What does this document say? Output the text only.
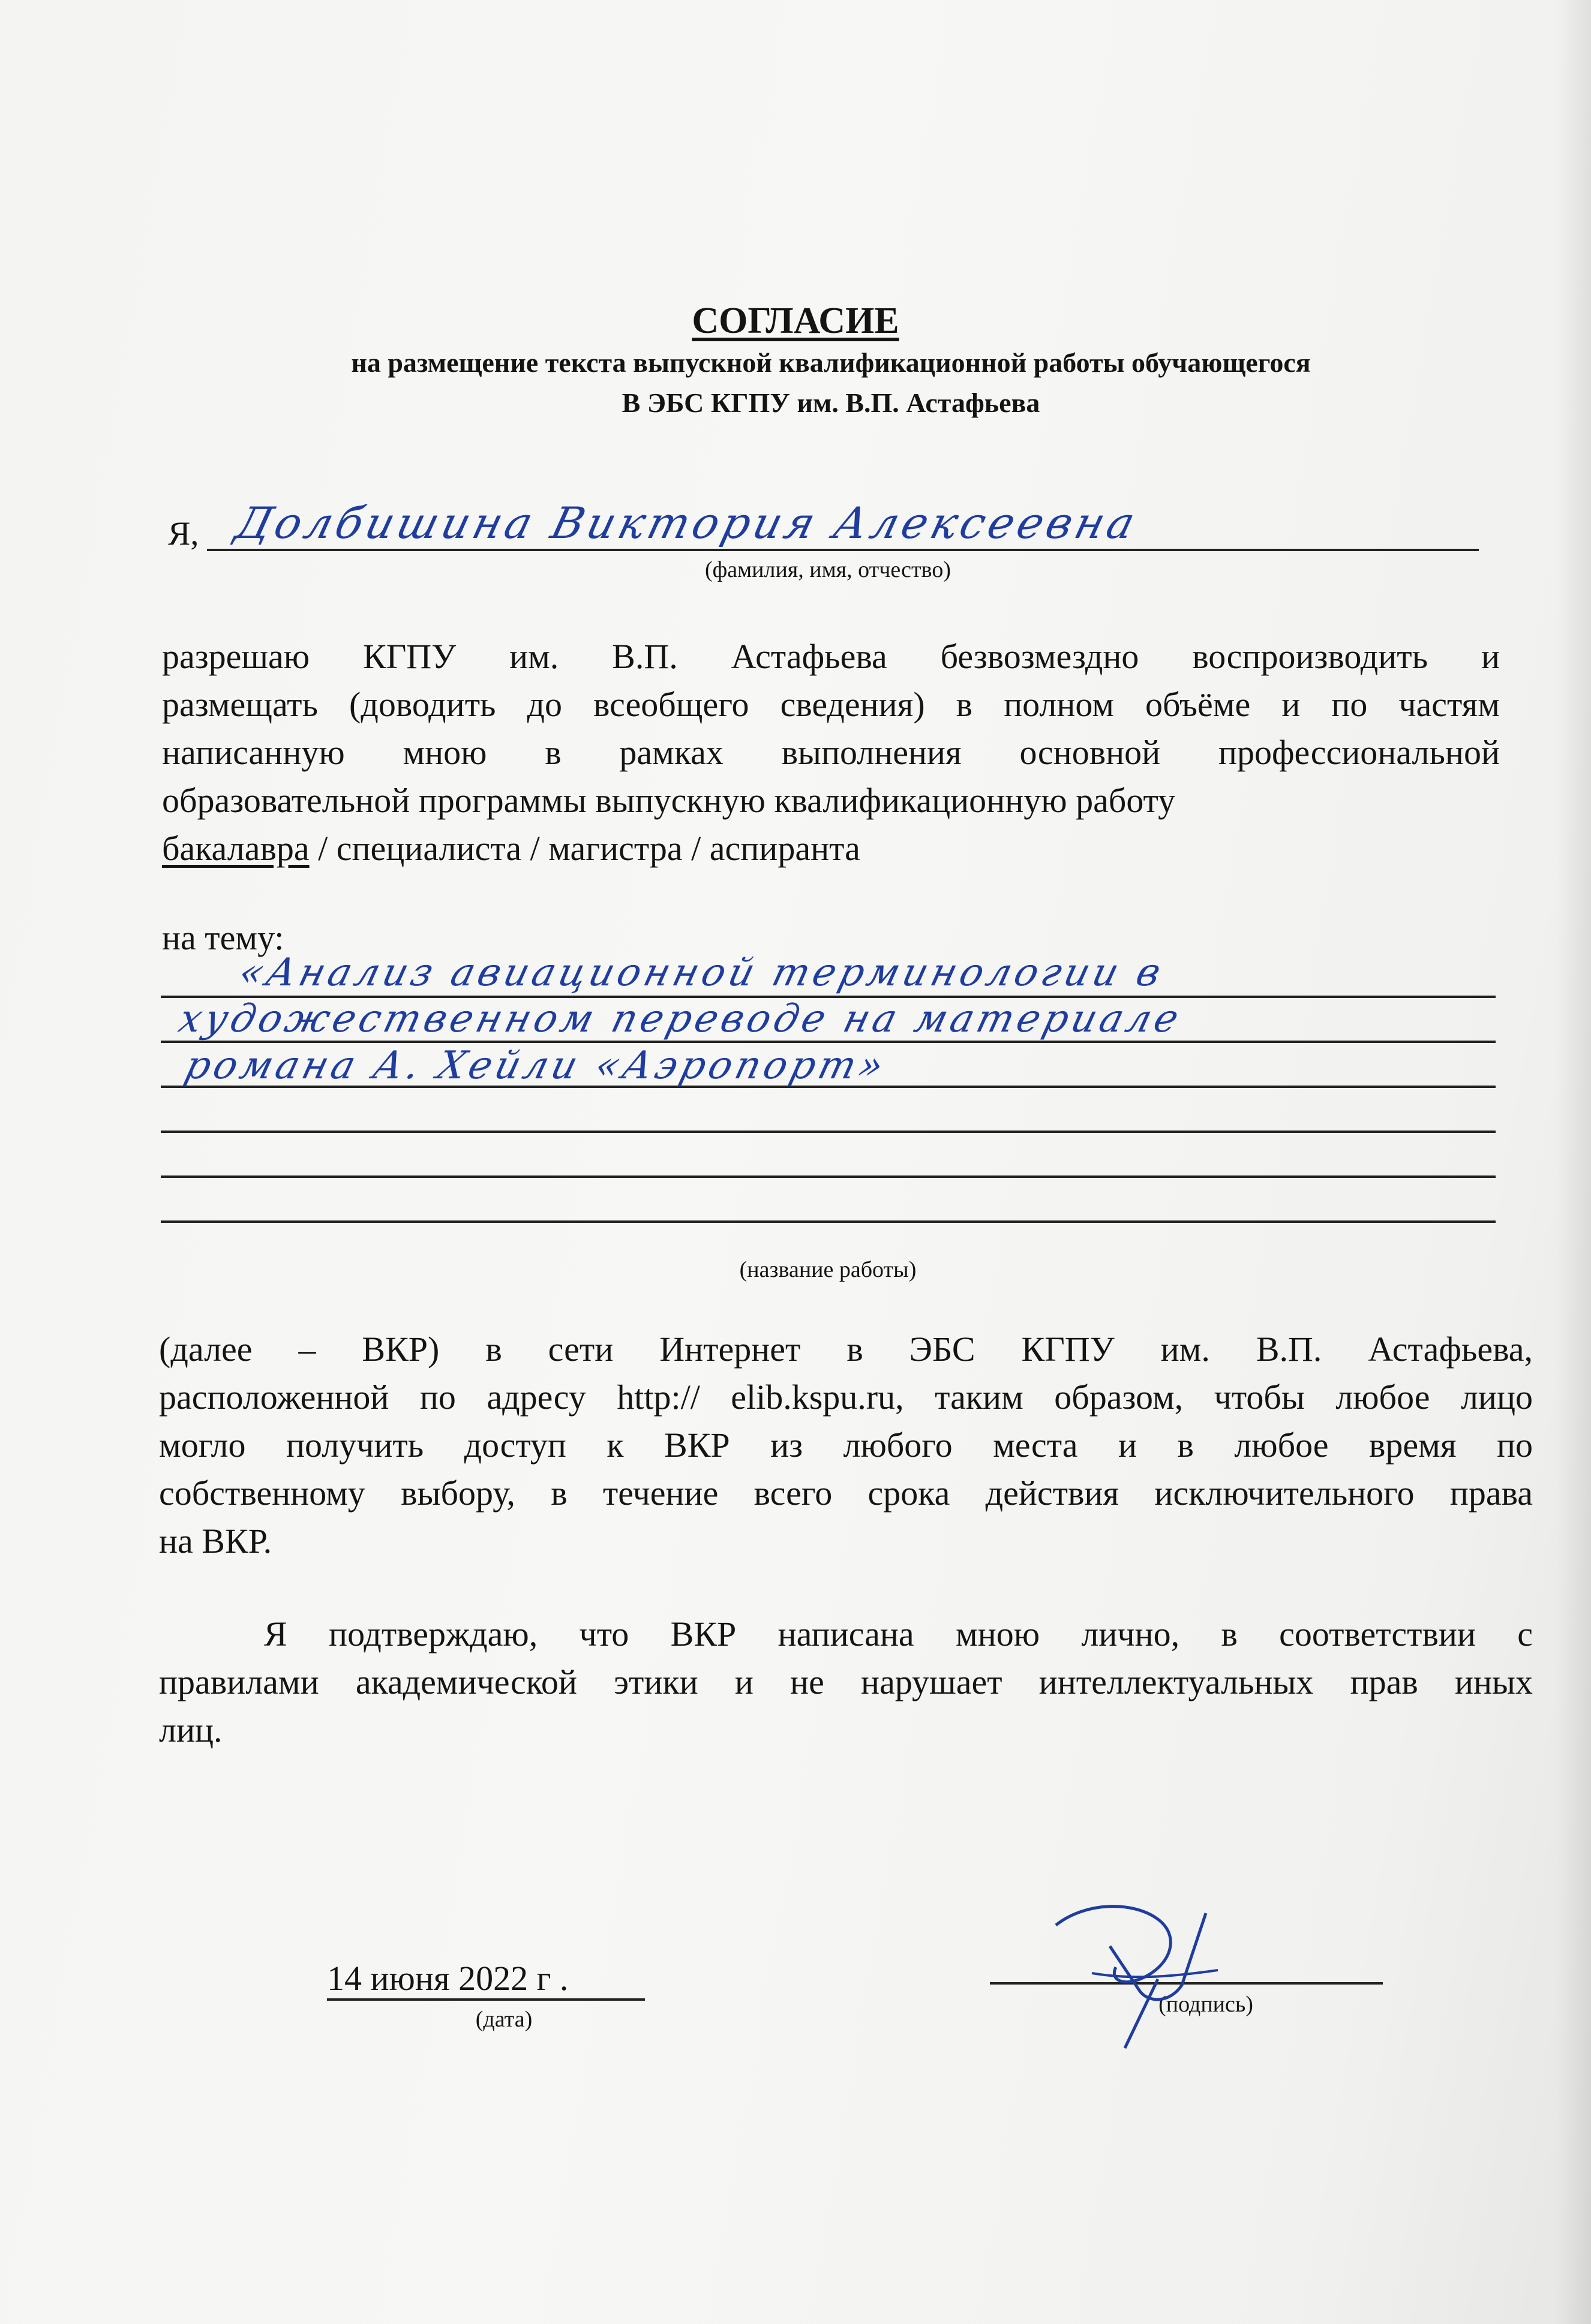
СОГЛАСИЕ
на размещение текста выпускной квалификационной работы обучающегося
В ЭБС КГПУ им. В.П. Астафьева
Я, Долбишина Виктория Алексеевна
(фамилия, имя, отчество)
разрешаю КГПУ им. В.П. Астафьева безвозмездно воспроизводить и
размещать (доводить до всеобщего сведения) в полном объёме и по частям
написанную мною в рамках выполнения основной профессиональной
образовательной программы выпускную квалификационную работу
бакалавра / специалиста / магистра / аспиранта
на тему:
«Анализ авиационной терминологии в
художественном переводе на материале
романа А. Хейли «Аэропорт»
(название работы)
(далее – ВКР) в сети Интернет в ЭБС КГПУ им. В.П. Астафьева,
расположенной по адресу http:// elib.kspu.ru, таким образом, чтобы любое лицо
могло получить доступ к ВКР из любого места и в любое время по
собственному выбору, в течение всего срока действия исключительного права
на ВКР.
Я подтверждаю, что ВКР написана мною лично, в соответствии с
правилами академической этики и не нарушает интеллектуальных прав иных
лиц.
14 июня 2022 г .
(дата)
(подпись)
